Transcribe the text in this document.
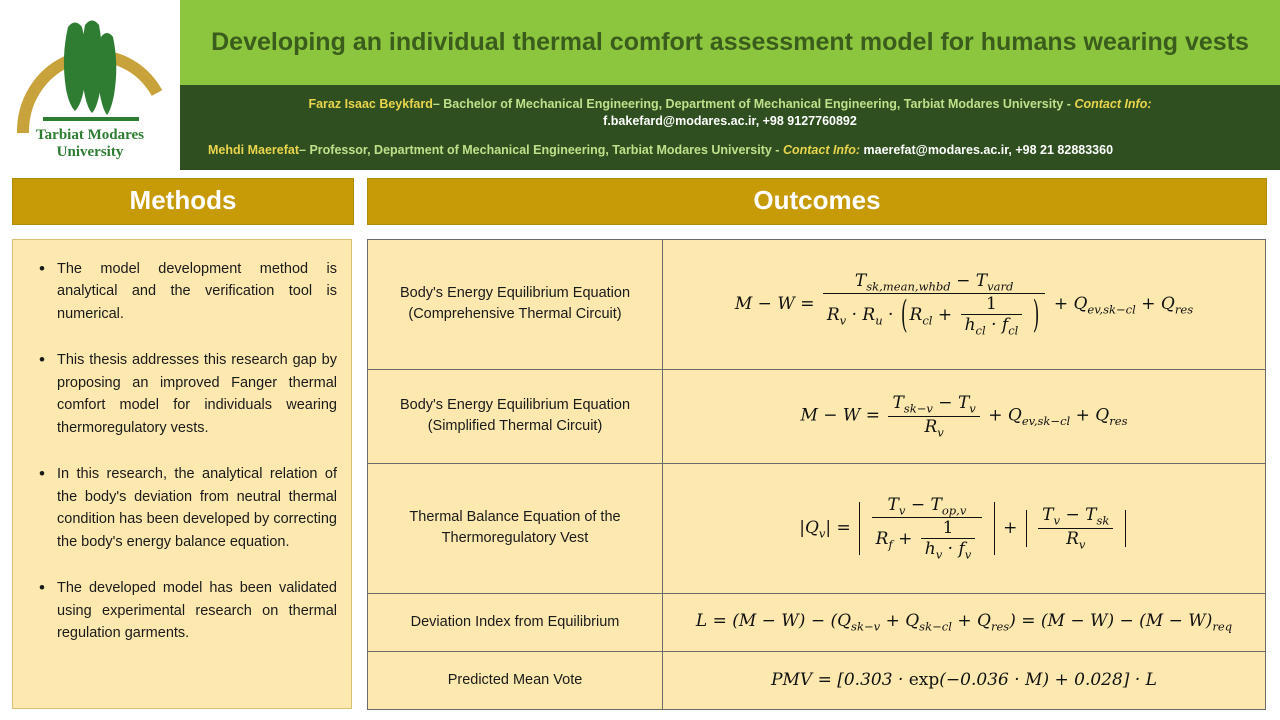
Tarbiat Modares
University
Developing an individual thermal comfort assessment model for humans wearing vests
Faraz Isaac Beykfard– Bachelor of Mechanical Engineering, Department of Mechanical Engineering, Tarbiat Modares University - Contact Info:
f.bakefard@modares.ac.ir, +98 9127760892
Mehdi Maerefat– Professor, Department of Mechanical Engineering, Tarbiat Modares University - Contact Info: maerefat@modares.ac.ir, +98 21 82883360
Methods
• The model development method is analytical and the verification tool is numerical.
• This thesis addresses this research gap by proposing an improved Fanger thermal comfort model for individuals wearing thermoregulatory vests.
• In this research, the analytical relation of the body's deviation from neutral thermal condition has been developed by correcting the body's energy balance equation.
• The developed model has been validated using experimental research on thermal regulation garments.
Outcomes
Body's Energy Equilibrium Equation (Comprehensive Thermal Circuit)	M − W =
$T_{sk,mean,whbd} - T_{vard}$
$R_v \cdot R_u$ · ( $R_{cl} + \frac{1}{h_{cl} \cdot f_{cl}}$ ) + $Q_{ev,sk-cl} + Q_{res}$
Body's Energy Equilibrium Equation (Simplified Thermal Circuit)	$M - W = \frac{T_{sk-v} - T_v}{R_v} + Q_{ev,sk-cl} + Q_{res}$
Thermal Balance Equation of the Thermoregulatory Vest	$|Q_v| = \frac{T_v - T_{op,v}}{R_f + \frac{1}{h_v \cdot f_v}} + \frac{T_v - T_{sk}}{R_v}$

Deviation Index from Equilibrium	$L = (M - W) - (Q_{sk-v} + Q_{sk-cl} + Q_{res}) = (M - W) - (M - W)_{req}$
Predicted Mean Vote	PMV = [0.303 · exp(−0.036 · M) + 0.028] · L
